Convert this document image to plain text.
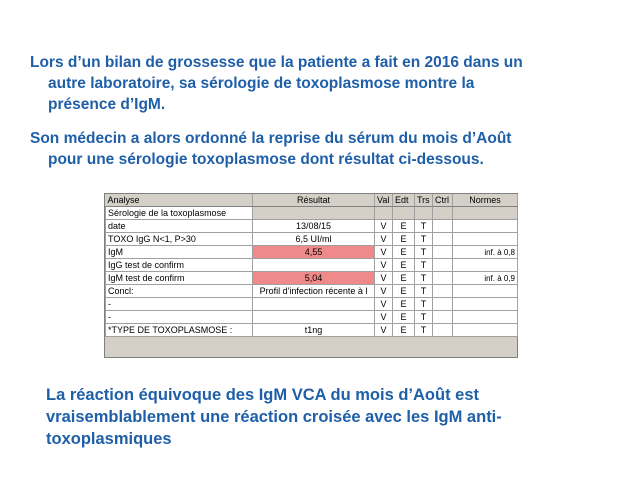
Lors d’un bilan de grossesse que la patiente a fait en 2016 dans un
autre laboratoire, sa sérologie de toxoplasmose montre la
présence d’IgM.
Son médecin a alors ordonné la reprise du sérum du mois d’Août
pour une sérologie toxoplasmose dont résultat ci-dessous.
Analyse	Résultat	Val	Edt	Trs	Ctrl	Normes
Sérologie de la toxoplasmose						
date	13/08/15	V	E	T		
TOXO IgG N<1, P>30	6,5 UI/ml	V	E	T		
IgM	4,55	V	E	T		inf. à 0,8
IgG test de confirm		V	E	T		
IgM test de confirm	5,04	V	E	T		inf. à 0,9
Concl:	Profil d'infection récente à l	V	E	T		
-		V	E	T		
-		V	E	T		
*TYPE DE TOXOPLASMOSE :	t1ng	V	E	T		
La réaction équivoque des IgM VCA du mois d’Août est
vraisemblablement une réaction croisée avec les IgM anti-
toxoplasmiques
